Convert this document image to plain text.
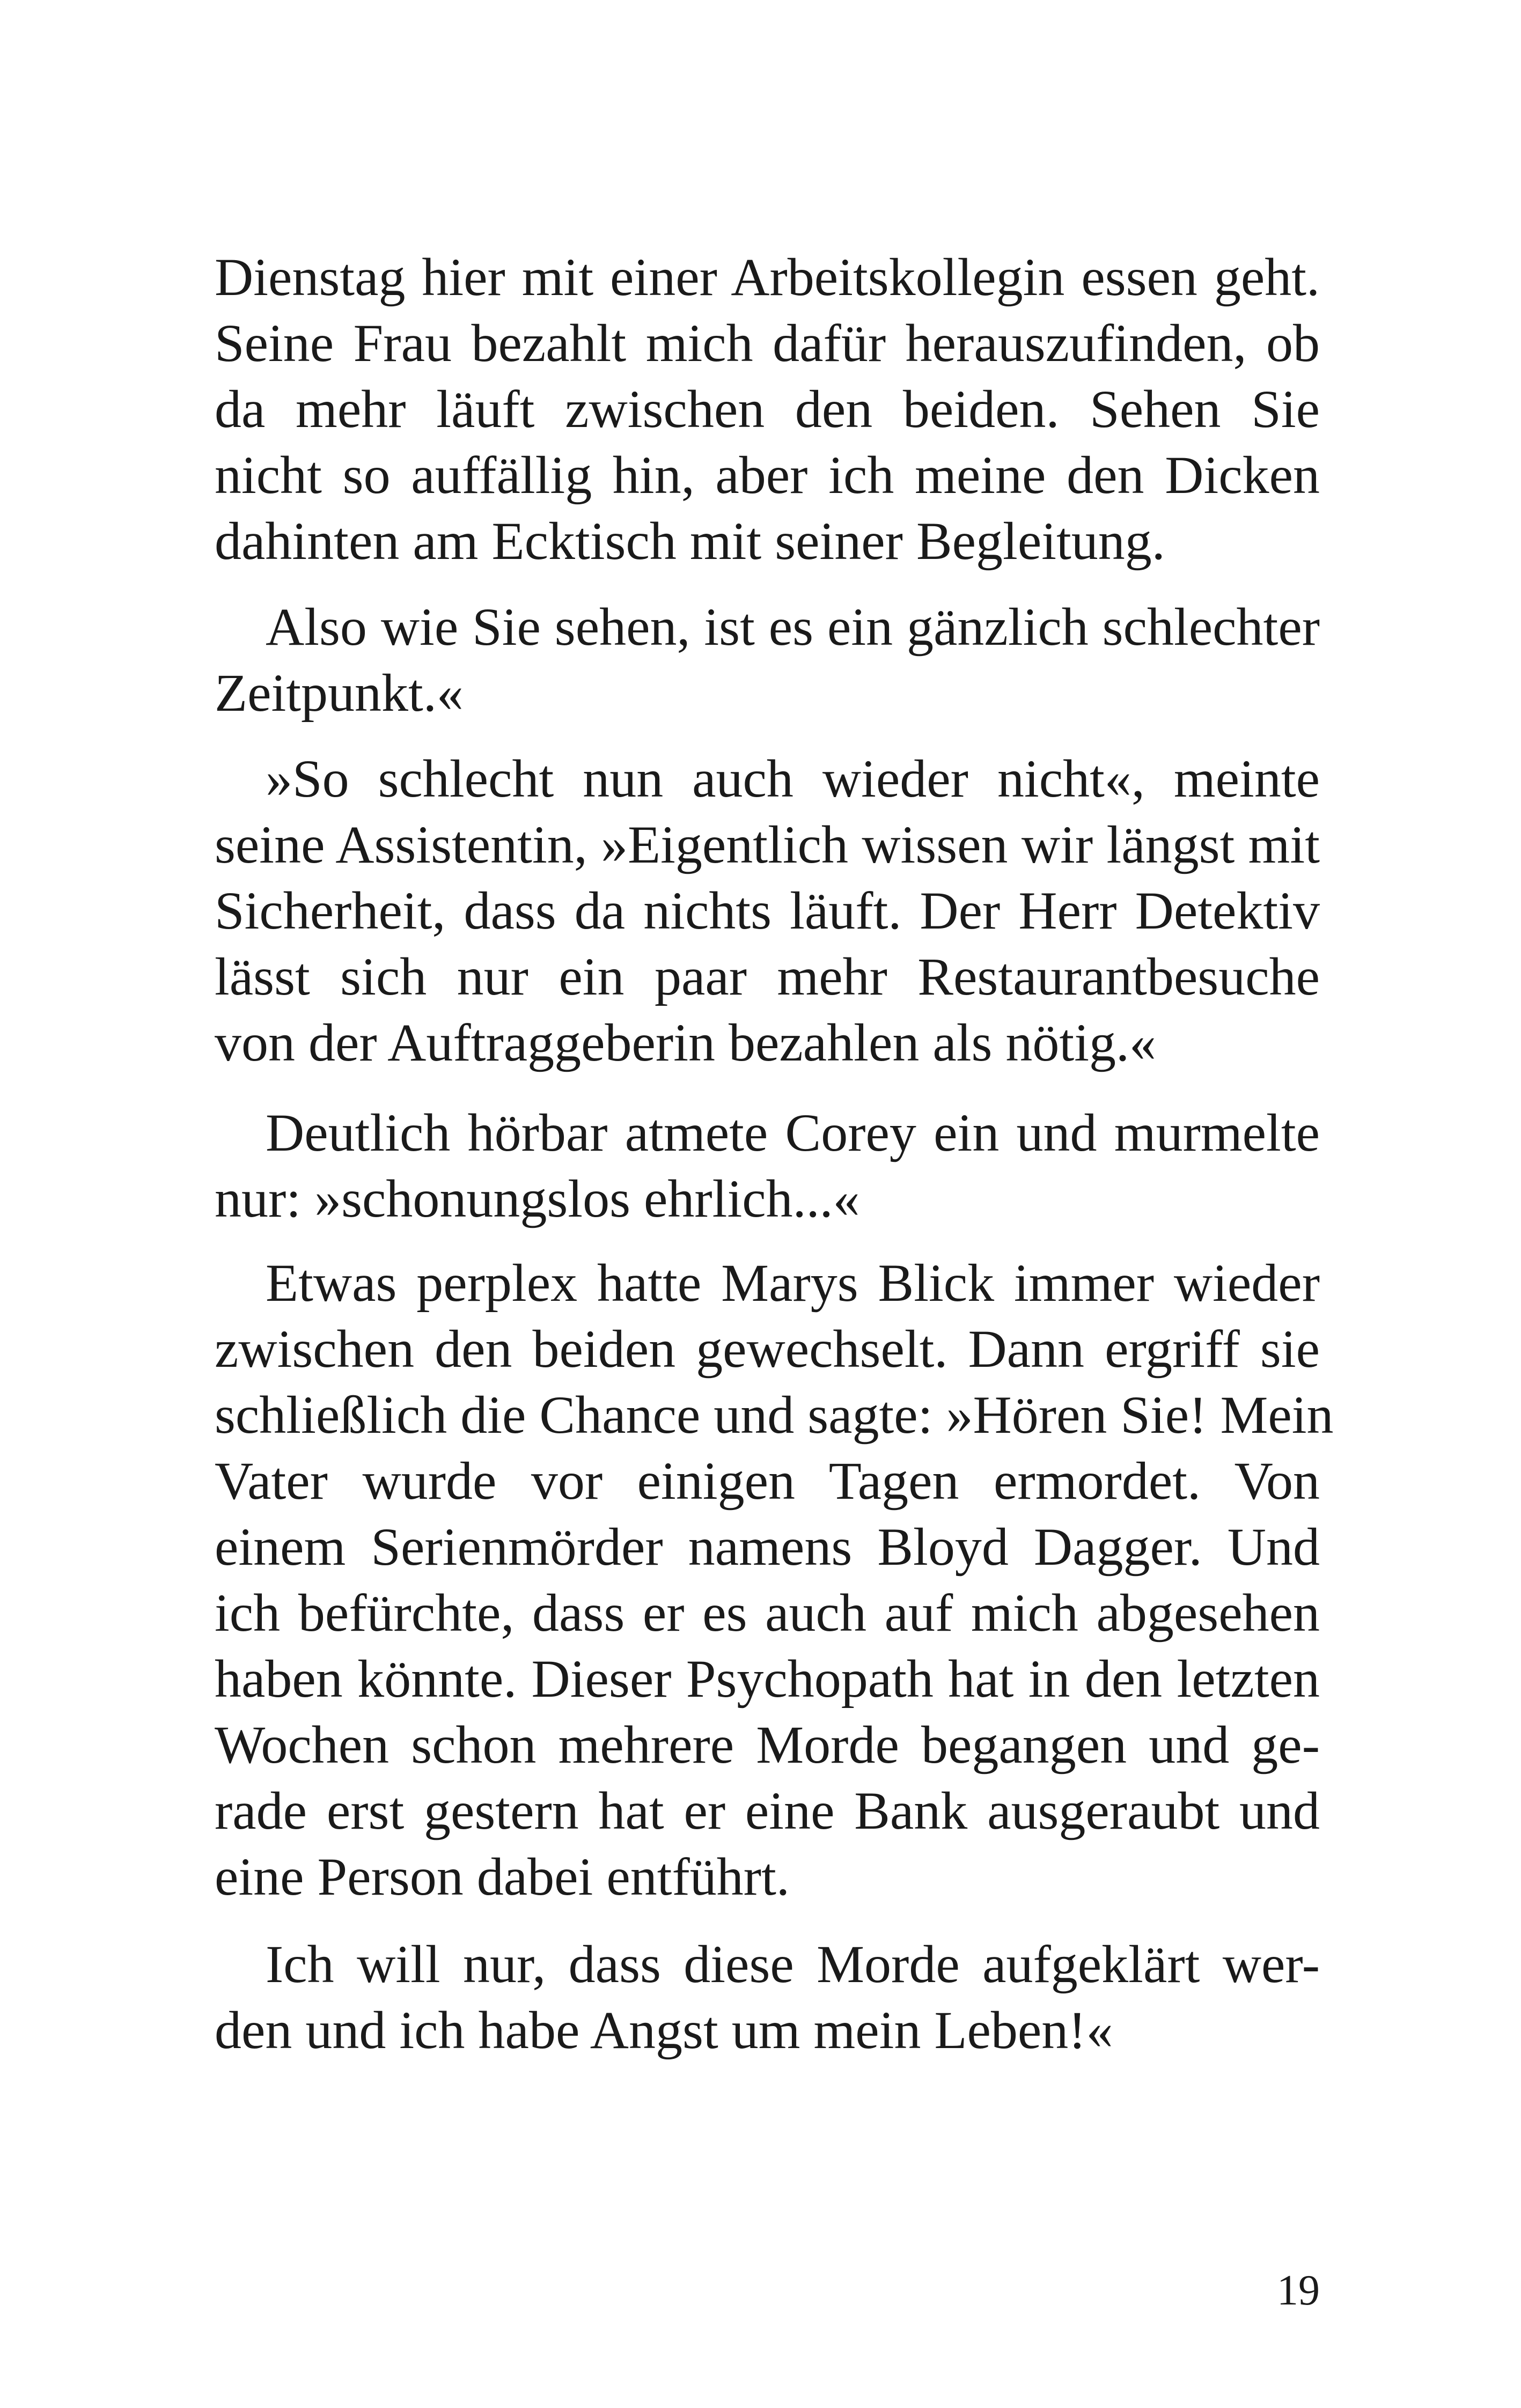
Dienstag hier mit einer Arbeitskollegin essen geht.
Seine Frau bezahlt mich dafür herauszufinden, ob
da mehr läuft zwischen den beiden. Sehen Sie
nicht so auffällig hin, aber ich meine den Dicken
dahinten am Ecktisch mit seiner Begleitung.
Also wie Sie sehen, ist es ein gänzlich schlechter
Zeitpunkt.«
»So schlecht nun auch wieder nicht«, meinte
seine Assistentin, »Eigentlich wissen wir längst mit
Sicherheit, dass da nichts läuft. Der Herr Detektiv
lässt sich nur ein paar mehr Restaurantbesuche
von der Auftraggeberin bezahlen als nötig.«
Deutlich hörbar atmete Corey ein und murmelte
nur: »schonungslos ehrlich...«
Etwas perplex hatte Marys Blick immer wieder
zwischen den beiden gewechselt. Dann ergriff sie
schließlich die Chance und sagte: »Hören Sie! Mein
Vater wurde vor einigen Tagen ermordet. Von
einem Serienmörder namens Bloyd Dagger. Und
ich befürchte, dass er es auch auf mich abgesehen
haben könnte. Dieser Psychopath hat in den letzten
Wochen schon mehrere Morde begangen und ge-
rade erst gestern hat er eine Bank ausgeraubt und
eine Person dabei entführt.
Ich will nur, dass diese Morde aufgeklärt wer-
den und ich habe Angst um mein Leben!«
19
